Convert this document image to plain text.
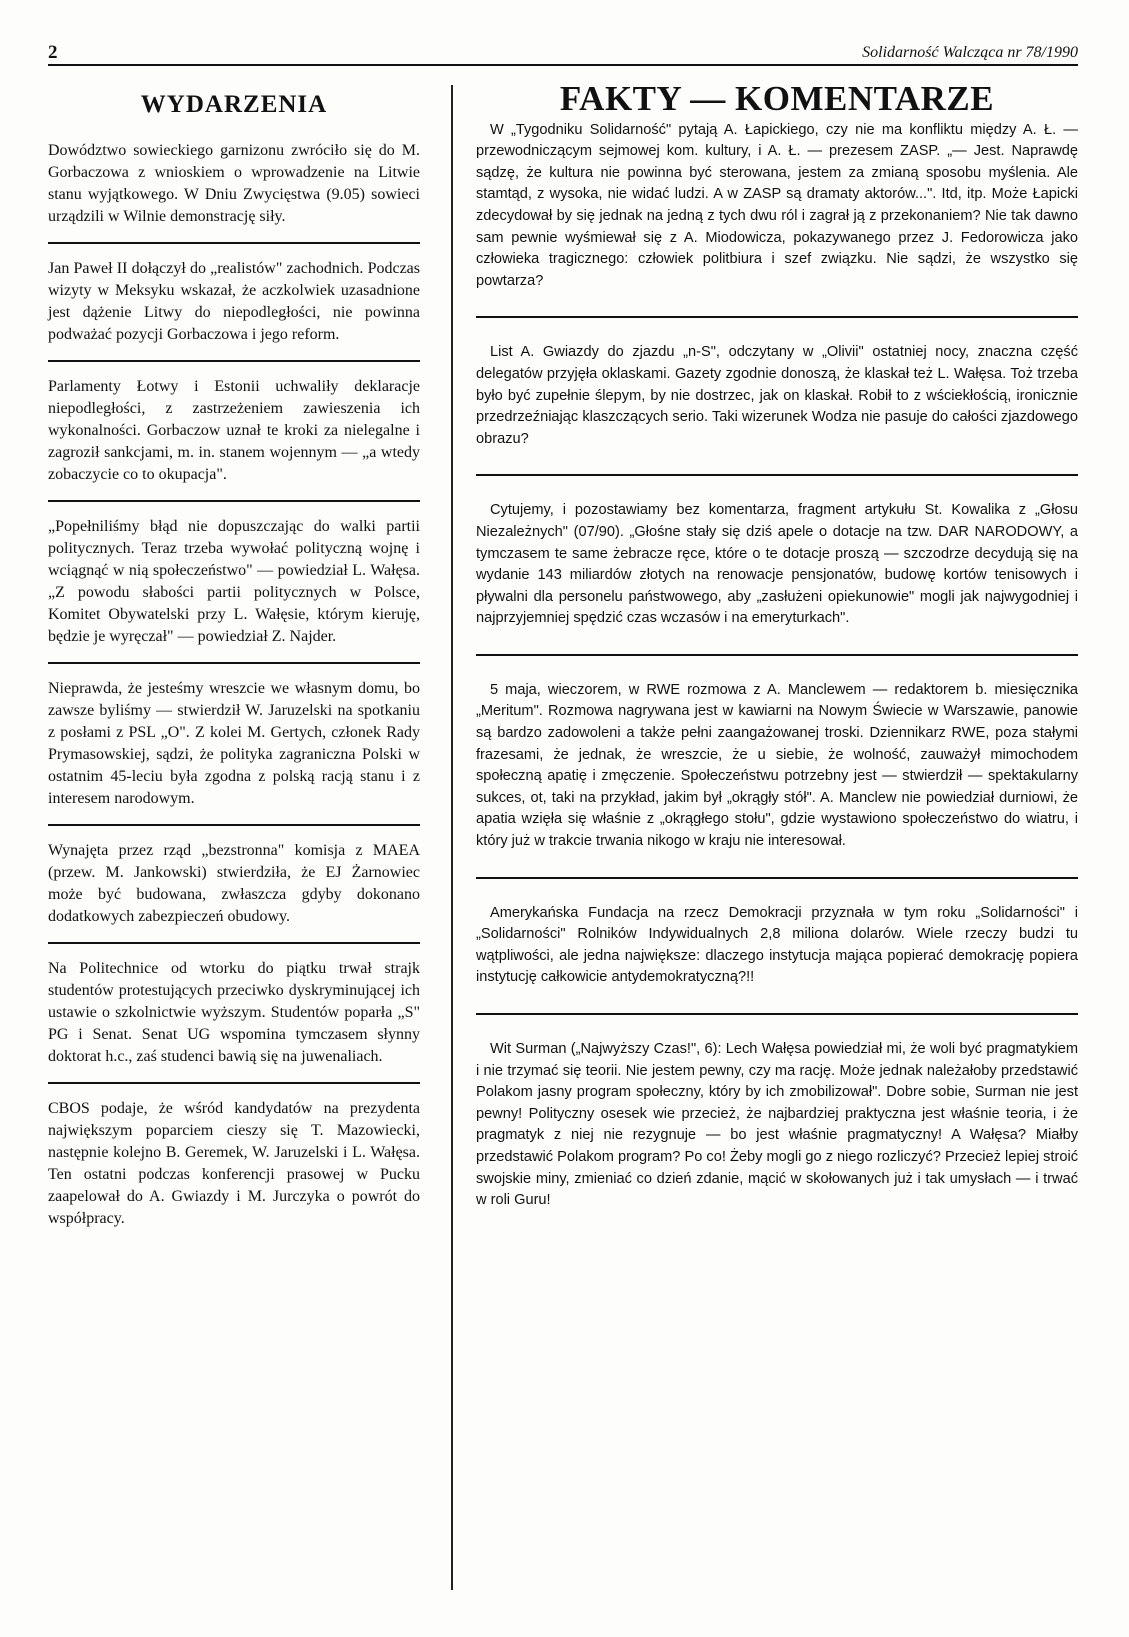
2	Solidarność Walcząca nr 78/1990
WYDARZENIA

Dowództwo sowieckiego garnizonu zwróciło się do M. Gorbaczowa z wnioskiem o wprowadzenie na Litwie stanu wyjątkowego. W Dniu Zwycięstwa (9.05) sowieci urządzili w Wilnie demonstrację siły.

Jan Paweł II dołączył do „realistów" zachodnich. Podczas wizyty w Meksyku wskazał, że aczkolwiek uzasadnione jest dążenie Litwy do niepodległości, nie powinna podważać pozycji Gorbaczowa i jego reform.

Parlamenty Łotwy i Estonii uchwaliły deklaracje niepodległości, z zastrzeżeniem zawieszenia ich wykonalności. Gorbaczow uznał te kroki za nielegalne i zagroził sankcjami, m. in. stanem wojennym — „a wtedy zobaczycie co to okupacja".

„Popełniliśmy błąd nie dopuszczając do walki partii politycznych. Teraz trzeba wywołać polityczną wojnę i wciągnąć w nią społeczeństwo" — powiedział L. Wałęsa. „Z powodu słabości partii politycznych w Polsce, Komitet Obywatelski przy L. Wałęsie, którym kieruję, będzie je wyręczał" — powiedział Z. Najder.

Nieprawda, że jesteśmy wreszcie we własnym domu, bo zawsze byliśmy — stwierdził W. Jaruzelski na spotkaniu z posłami z PSL „O". Z kolei M. Gertych, członek Rady Prymasowskiej, sądzi, że polityka zagraniczna Polski w ostatnim 45-leciu była zgodna z polską racją stanu i z interesem narodowym.

Wynajęta przez rząd „bezstronna" komisja z MAEA (przew. M. Jankowski) stwierdziła, że EJ Żarnowiec może być budowana, zwłaszcza gdyby dokonano dodatkowych zabezpieczeń obudowy.

Na Politechnice od wtorku do piątku trwał strajk studentów protestujących przeciwko dyskryminującej ich ustawie o szkolnictwie wyższym. Studentów poparła „S" PG i Senat. Senat UG wspomina tymczasem słynny doktorat h.c., zaś studenci bawią się na juwenaliach.

CBOS podaje, że wśród kandydatów na prezydenta największym poparciem cieszy się T. Mazowiecki, następnie kolejno B. Geremek, W. Jaruzelski i L. Wałęsa. Ten ostatni podczas konferencji prasowej w Pucku zaapelował do A. Gwiazdy i M. Jurczyka o powrót do współpracy.

FAKTY — KOMENTARZE

W „Tygodniku Solidarność" pytają A. Łapickiego, czy nie ma konfliktu między A. Ł. — przewodniczącym sejmowej kom. kultury, i A. Ł. — prezesem ZASP. „— Jest. Naprawdę sądzę, że kultura nie powinna być sterowana, jestem za zmianą sposobu myślenia. Ale stamtąd, z wysoka, nie widać ludzi. A w ZASP są dramaty aktorów...". Itd, itp. Może Łapicki zdecydował by się jednak na jedną z tych dwu ról i zagrał ją z przekonaniem? Nie tak dawno sam pewnie wyśmiewał się z A. Miodowicza, pokazywanego przez J. Fedorowicza jako człowieka tragicznego: człowiek politbiura i szef związku. Nie sądzi, że wszystko się powtarza?

List A. Gwiazdy do zjazdu „n-S", odczytany w „Olivii" ostatniej nocy, znaczna część delegatów przyjęła oklaskami. Gazety zgodnie donoszą, że klaskał też L. Wałęsa. Toż trzeba było być zupełnie ślepym, by nie dostrzec, jak on klaskał. Robił to z wściekłością, ironicznie przedrzeźniając klaszczących serio. Taki wizerunek Wodza nie pasuje do całości zjazdowego obrazu?

Cytujemy, i pozostawiamy bez komentarza, fragment artykułu St. Kowalika z „Głosu Niezależnych" (07/90). „Głośne stały się dziś apele o dotacje na tzw. DAR NARODOWY, a tymczasem te same żebracze ręce, które o te dotacje proszą — szczodrze decydują się na wydanie 143 miliardów złotych na renowacje pensjonatów, budowę kortów tenisowych i pływalni dla personelu państwowego, aby „zasłużeni opiekunowie" mogli jak najwygodniej i najprzyjemniej spędzić czas wczasów i na emeryturkach".

5 maja, wieczorem, w RWE rozmowa z A. Manclewem — redaktorem b. miesięcznika „Meritum". Rozmowa nagrywana jest w kawiarni na Nowym Świecie w Warszawie, panowie są bardzo zadowoleni a także pełni zaangażowanej troski. Dziennikarz RWE, poza stałymi frazesami, że jednak, że wreszcie, że u siebie, że wolność, zauważył mimochodem społeczną apatię i zmęczenie. Społeczeństwu potrzebny jest — stwierdził — spektakularny sukces, ot, taki na przykład, jakim był „okrągły stół". A. Manclew nie powiedział durniowi, że apatia wzięła się właśnie z „okrągłego stołu", gdzie wystawiono społeczeństwo do wiatru, i który już w trakcie trwania nikogo w kraju nie interesował.

Amerykańska Fundacja na rzecz Demokracji przyznała w tym roku „Solidarności" i „Solidarności" Rolników Indywidualnych 2,8 miliona dolarów. Wiele rzeczy budzi tu wątpliwości, ale jedna największe: dlaczego instytucja mająca popierać demokrację popiera instytucję całkowicie antydemokratyczną?!!

Wit Surman („Najwyższy Czas!", 6): Lech Wałęsa powiedział mi, że woli być pragmatykiem i nie trzymać się teorii. Nie jestem pewny, czy ma rację. Może jednak należałoby przedstawić Polakom jasny program społeczny, który by ich zmobilizował". Dobre sobie, Surman nie jest pewny! Polityczny osesek wie przecież, że najbardziej praktyczna jest właśnie teoria, i że pragmatyk z niej nie rezygnuje — bo jest właśnie pragmatyczny! A Wałęsa? Miałby przedstawić Polakom program? Po co! Żeby mogli go z niego rozliczyć? Przecież lepiej stroić swojskie miny, zmieniać co dzień zdanie, mącić w skołowanych już i tak umysłach — i trwać w roli Guru!
